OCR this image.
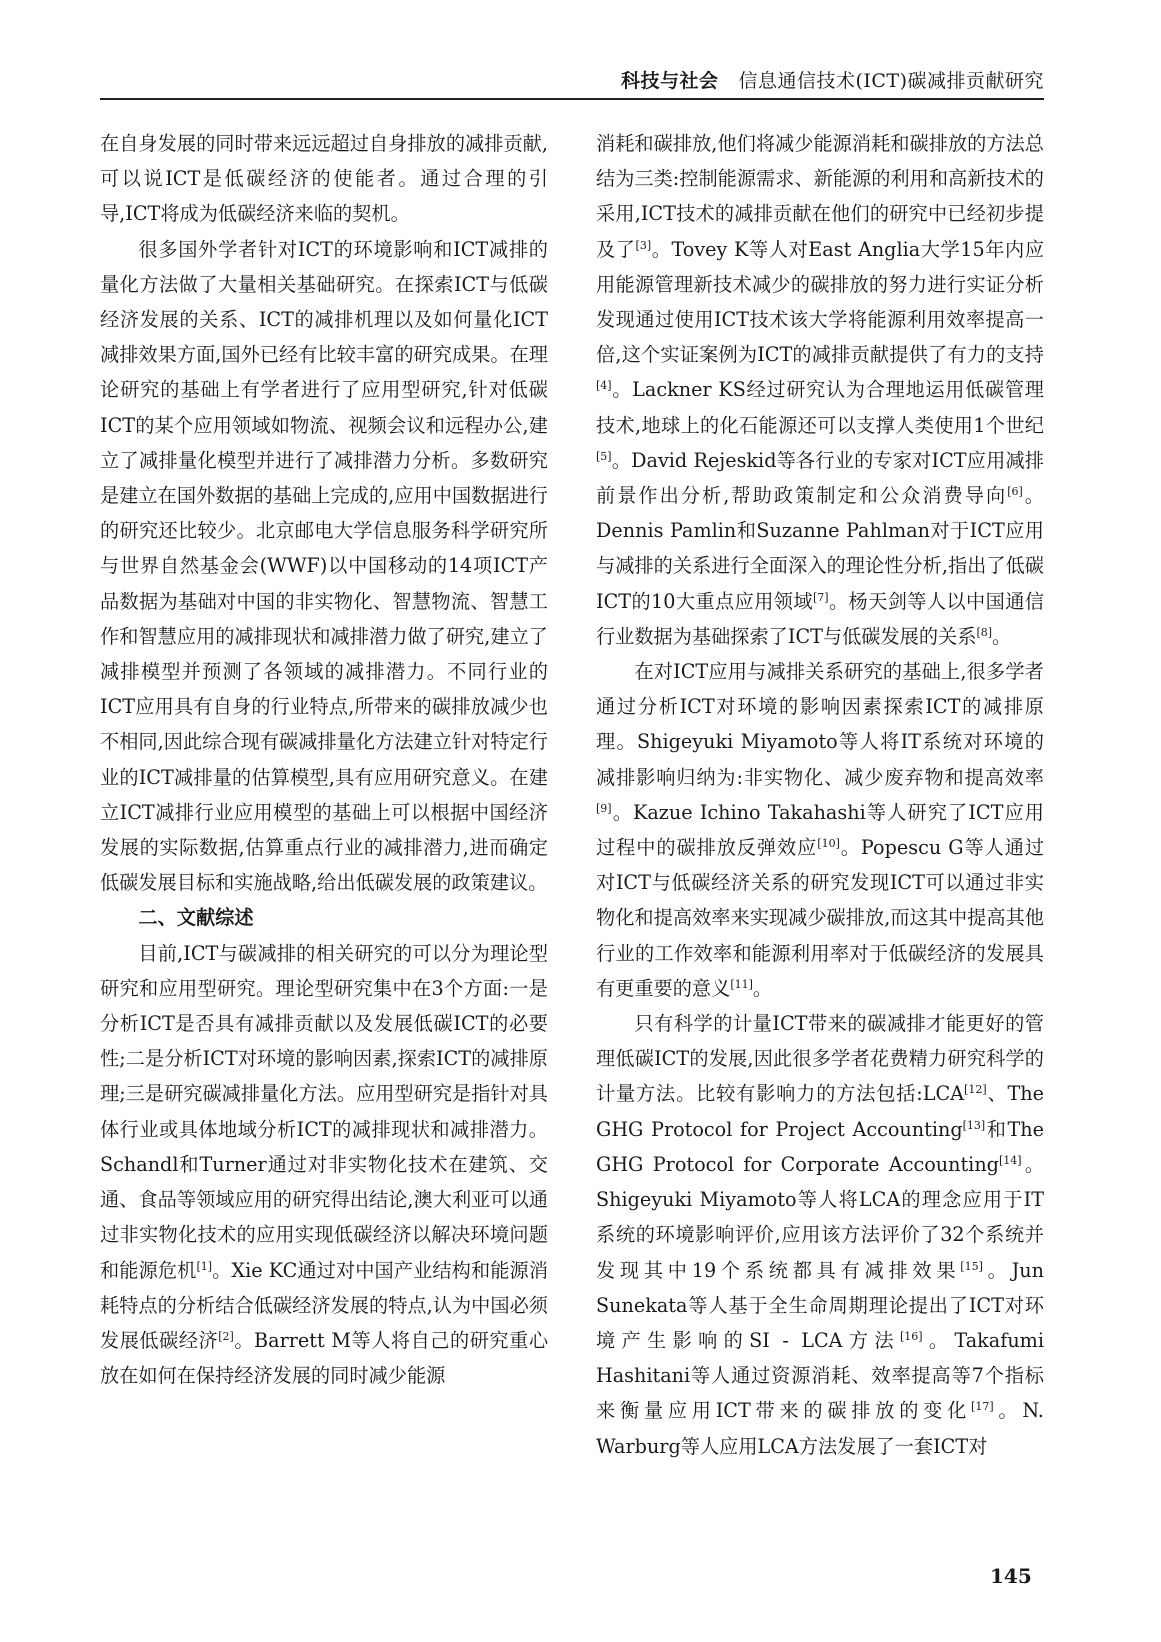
科技与社会 信息通信技术(ICT)碳减排贡献研究

在自身发展的同时带来远远超过自身排放的减排贡献,可以说ICT是低碳经济的使能者。通过合理的引导,ICT将成为低碳经济来临的契机。

很多国外学者针对ICT的环境影响和ICT减排的量化方法做了大量相关基础研究。在探索ICT与低碳经济发展的关系、ICT的减排机理以及如何量化ICT减排效果方面,国外已经有比较丰富的研究成果。在理论研究的基础上有学者进行了应用型研究,针对低碳ICT的某个应用领域如物流、视频会议和远程办公,建立了减排量化模型并进行了减排潜力分析。多数研究是建立在国外数据的基础上完成的,应用中国数据进行的研究还比较少。北京邮电大学信息服务科学研究所与世界自然基金会(WWF)以中国移动的14项ICT产品数据为基础对中国的非实物化、智慧物流、智慧工作和智慧应用的减排现状和减排潜力做了研究,建立了减排模型并预测了各领域的减排潜力。不同行业的ICT应用具有自身的行业特点,所带来的碳排放减少也不相同,因此综合现有碳减排量化方法建立针对特定行业的ICT减排量的估算模型,具有应用研究意义。在建立ICT减排行业应用模型的基础上可以根据中国经济发展的实际数据,估算重点行业的减排潜力,进而确定低碳发展目标和实施战略,给出低碳发展的政策建议。

二、文献综述

目前,ICT与碳减排的相关研究的可以分为理论型研究和应用型研究。理论型研究集中在3个方面:一是分析ICT是否具有减排贡献以及发展低碳ICT的必要性;二是分析ICT对环境的影响因素,探索ICT的减排原理;三是研究碳减排量化方法。应用型研究是指针对具体行业或具体地域分析ICT的减排现状和减排潜力。Schandl和Turner通过对非实物化技术在建筑、交通、食品等领域应用的研究得出结论,澳大利亚可以通过非实物化技术的应用实现低碳经济以解决环境问题和能源危机[1]。Xie KC通过对中国产业结构和能源消耗特点的分析结合低碳经济发展的特点,认为中国必须发展低碳经济[2]。Barrett M等人将自己的研究重心放在如何在保持经济发展的同时减少能源

消耗和碳排放,他们将减少能源消耗和碳排放的方法总结为三类:控制能源需求、新能源的利用和高新技术的采用,ICT技术的减排贡献在他们的研究中已经初步提及了[3]。Tovey K等人对East Anglia大学15年内应用能源管理新技术减少的碳排放的努力进行实证分析发现通过使用ICT技术该大学将能源利用效率提高一倍,这个实证案例为ICT的减排贡献提供了有力的支持[4]。Lackner KS经过研究认为合理地运用低碳管理技术,地球上的化石能源还可以支撑人类使用1个世纪[5]。David Rejeskid等各行业的专家对ICT应用减排前景作出分析,帮助政策制定和公众消费导向[6]。Dennis Pamlin和Suzanne Pahlman对于ICT应用与减排的关系进行全面深入的理论性分析,指出了低碳ICT的10大重点应用领域[7]。杨天剑等人以中国通信行业数据为基础探索了ICT与低碳发展的关系[8]。

在对ICT应用与减排关系研究的基础上,很多学者通过分析ICT对环境的影响因素探索ICT的减排原理。Shigeyuki Miyamoto等人将IT系统对环境的减排影响归纳为:非实物化、减少废弃物和提高效率[9]。Kazue Ichino Takahashi等人研究了ICT应用过程中的碳排放反弹效应[10]。Popescu G等人通过对ICT与低碳经济关系的研究发现ICT可以通过非实物化和提高效率来实现减少碳排放,而这其中提高其他行业的工作效率和能源利用率对于低碳经济的发展具有更重要的意义[11]。

只有科学的计量ICT带来的碳减排才能更好的管理低碳ICT的发展,因此很多学者花费精力研究科学的计量方法。比较有影响力的方法包括:LCA[12]、The GHG Protocol for Project Accounting[13]和The GHG Protocol for Corporate Accounting[14]。Shigeyuki Miyamoto等人将LCA的理念应用于IT系统的环境影响评价,应用该方法评价了32个系统并发现其中19个系统都具有减排效果[15]。Jun Sunekata等人基于全生命周期理论提出了ICT对环境产生影响的SI - LCA方法[16]。Takafumi Hashitani等人通过资源消耗、效率提高等7个指标来衡量应用ICT带来的碳排放的变化[17]。N. Warburg等人应用LCA方法发展了一套ICT对

145
